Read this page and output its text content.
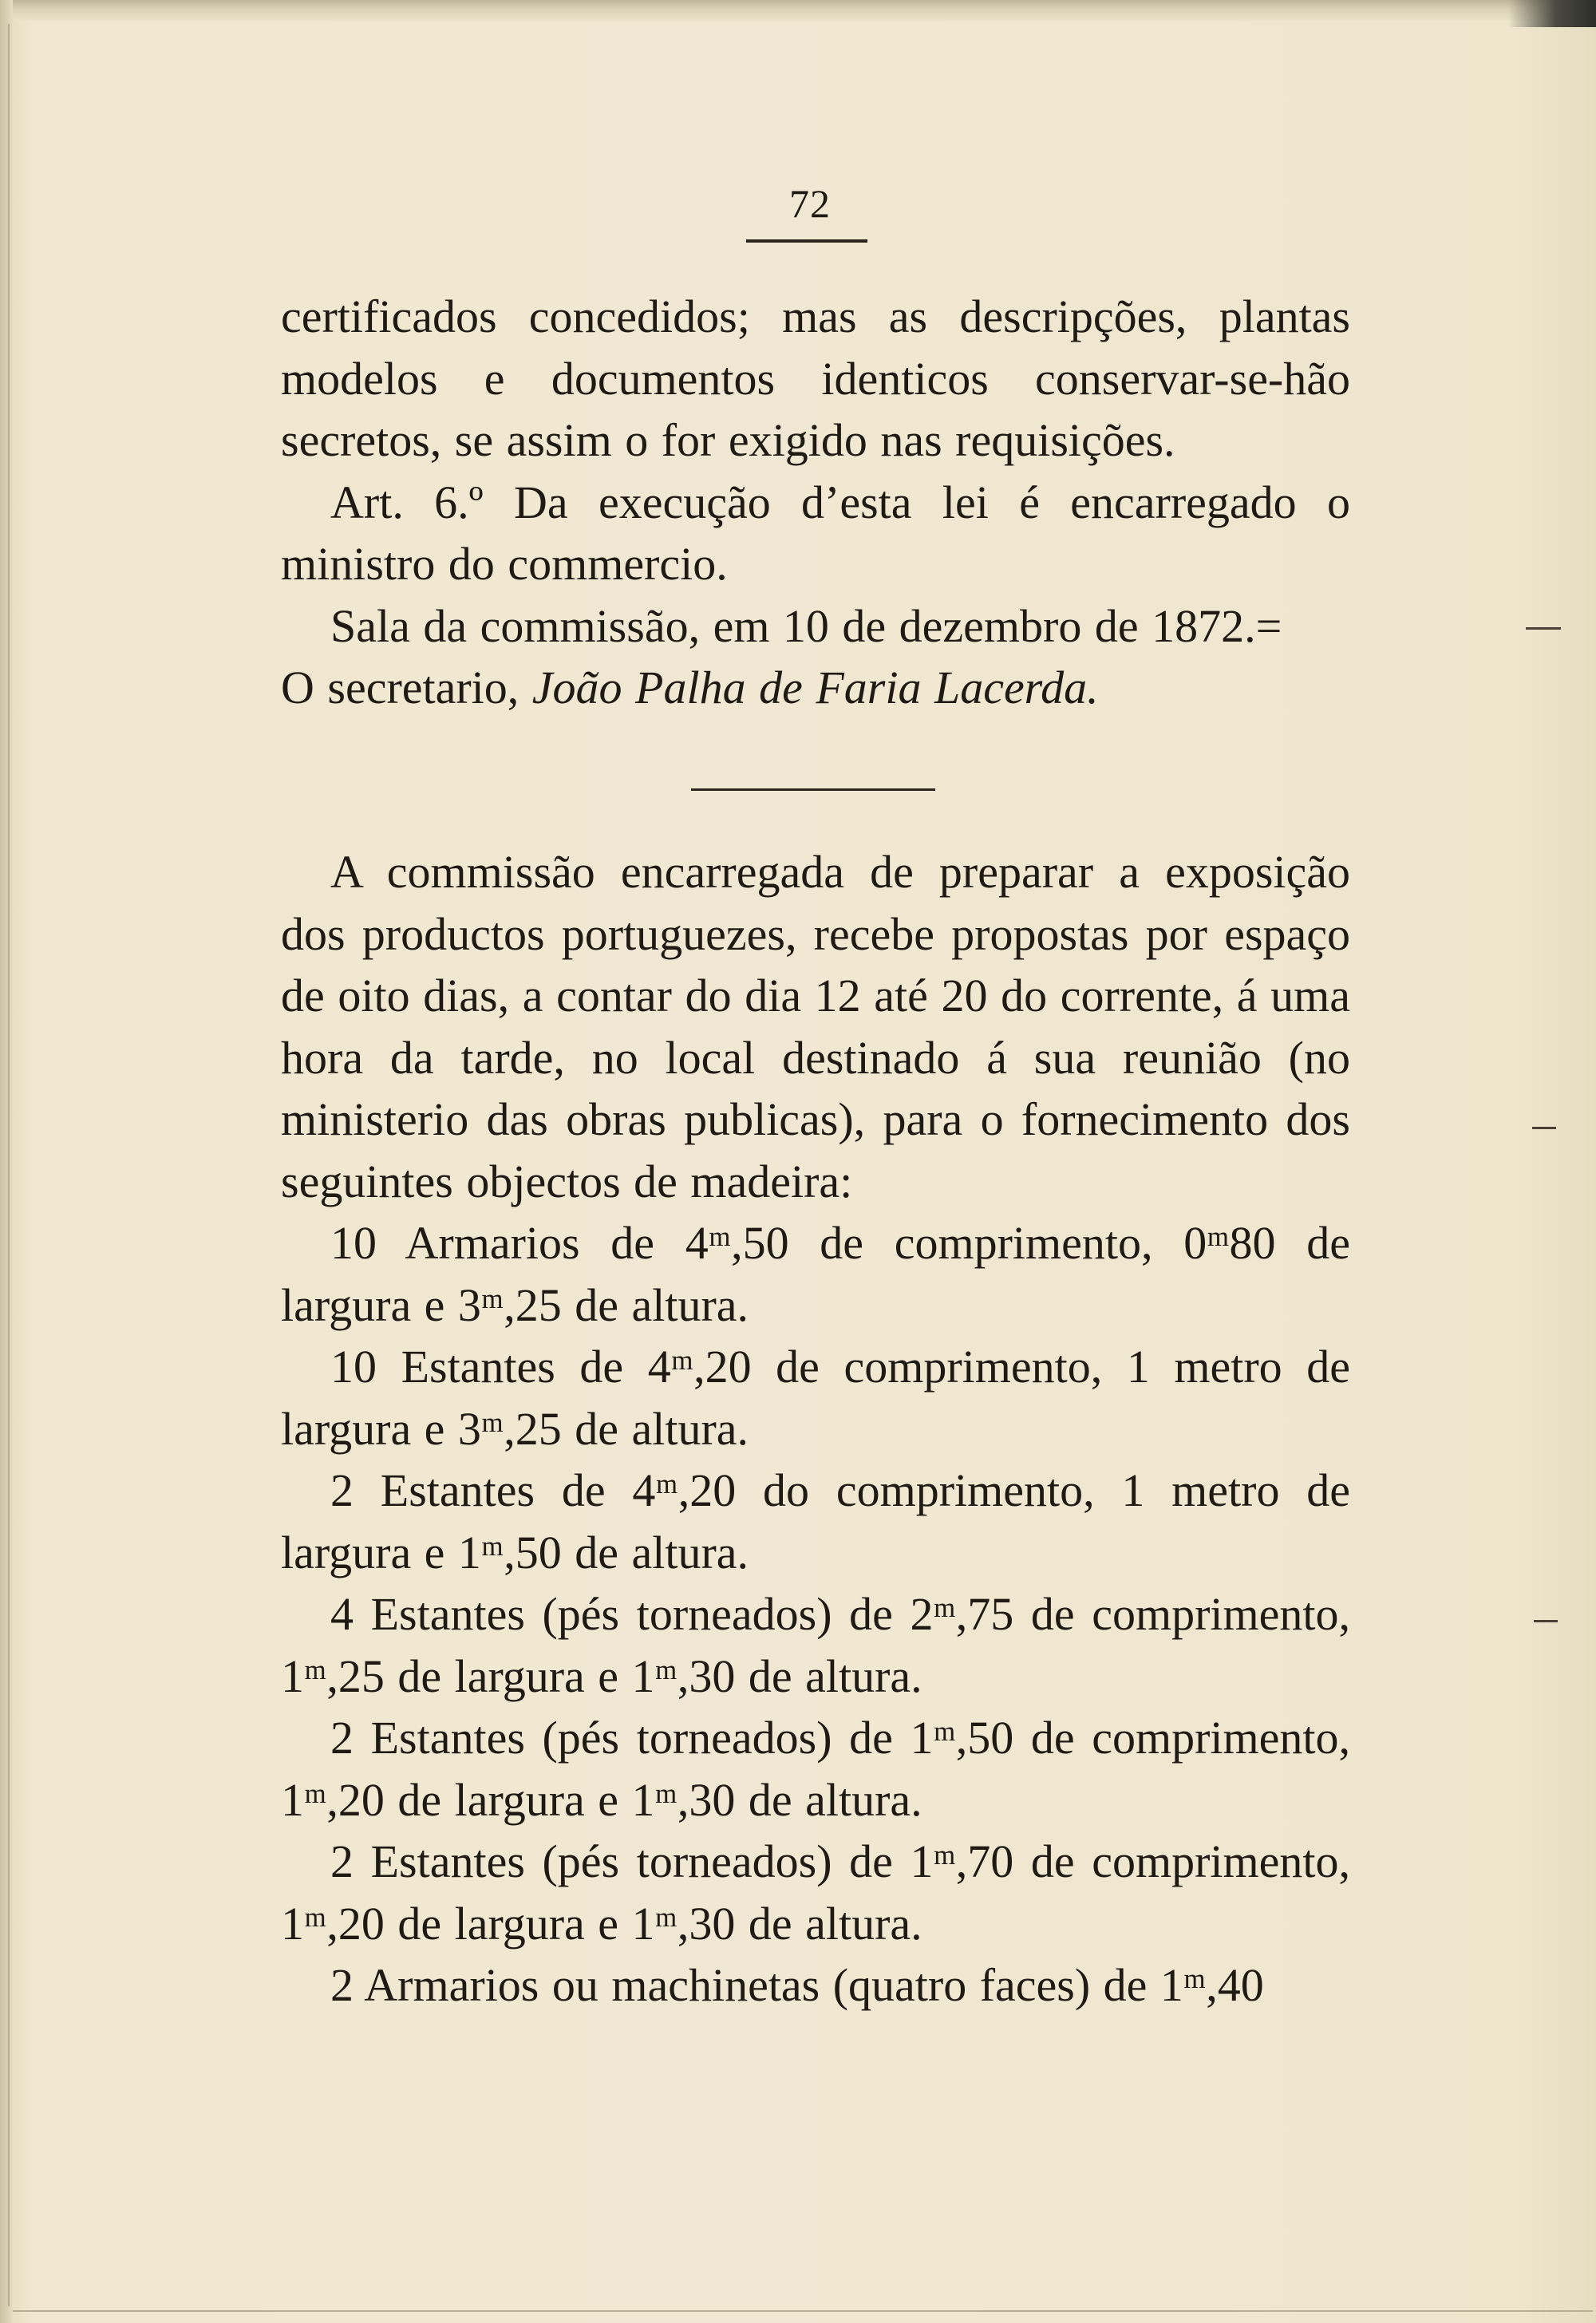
72

certificados concedidos; mas as descripções, plantas modelos e documentos identicos conservar-se-hão secretos, se assim o for exigido nas requisições.

Art. 6.º Da execução d’esta lei é encarregado o ministro do commercio.

Sala da commissão, em 10 de dezembro de 1872.=

O secretario, João Palha de Faria Lacerda.

A commissão encarregada de preparar a exposição dos productos portuguezes, recebe propostas por espaço de oito dias, a contar do dia 12 até 20 do corrente, á uma hora da tarde, no local destinado á sua reunião (no ministerio das obras publicas), para o fornecimento dos seguintes objectos de madeira:

10 Armarios de 4ᵐ,50 de comprimento, 0ᵐ80 de largura e 3ᵐ,25 de altura.

10 Estantes de 4ᵐ,20 de comprimento, 1 metro de largura e 3ᵐ,25 de altura.

2 Estantes de 4ᵐ,20 do comprimento, 1 metro de largura e 1ᵐ,50 de altura.

4 Estantes (pés torneados) de 2ᵐ,75 de comprimento, 1ᵐ,25 de largura e 1ᵐ,30 de altura.

2 Estantes (pés torneados) de 1ᵐ,50 de comprimento, 1ᵐ,20 de largura e 1ᵐ,30 de altura.

2 Estantes (pés torneados) de 1ᵐ,70 de comprimento, 1ᵐ,20 de largura e 1ᵐ,30 de altura.

2 Armarios ou machinetas (quatro faces) de 1ᵐ,40
